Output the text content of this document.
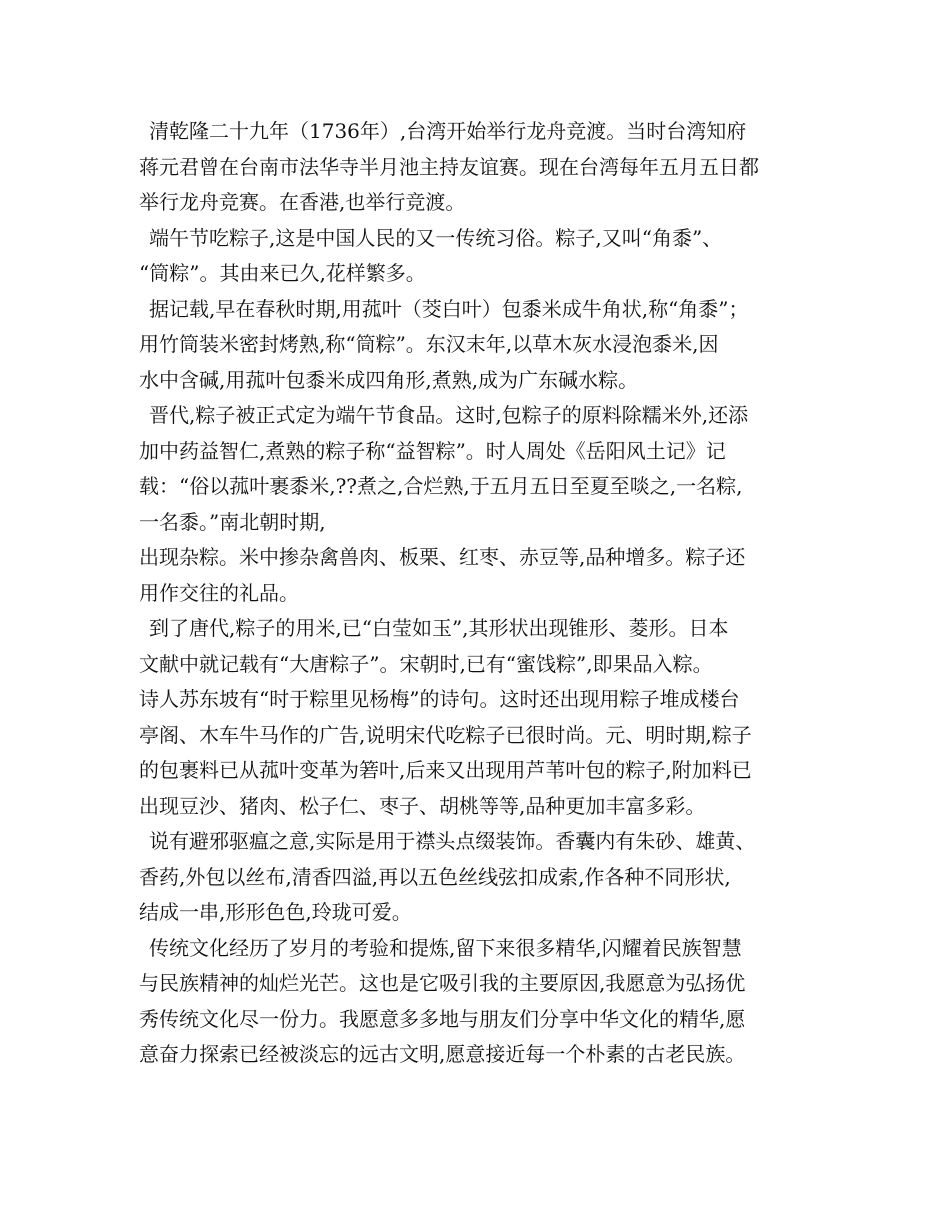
清乾隆二十九年（1736年）,台湾开始举行龙舟竞渡。当时台湾知府
蒋元君曾在台南市法华寺半月池主持友谊赛。现在台湾每年五月五日都
举行龙舟竞赛。在香港,也举行竞渡。
端午节吃粽子,这是中国人民的又一传统习俗。粽子,又叫“角黍”、
“筒粽”。其由来已久,花样繁多。
据记载,早在春秋时期,用菰叶（茭白叶）包黍米成牛角状,称“角黍”；
用竹筒装米密封烤熟,称“筒粽”。东汉末年,以草木灰水浸泡黍米,因
水中含碱,用菰叶包黍米成四角形,煮熟,成为广东碱水粽。
晋代,粽子被正式定为端午节食品。这时,包粽子的原料除糯米外,还添
加中药益智仁,煮熟的粽子称“益智粽”。时人周处《岳阳风土记》记
载：“俗以菰叶裹黍米,??煮之,合烂熟,于五月五日至夏至啖之,一名粽,
一名黍。”南北朝时期,
出现杂粽。米中掺杂禽兽肉、板栗、红枣、赤豆等,品种增多。粽子还
用作交往的礼品。
到了唐代,粽子的用米,已“白莹如玉”,其形状出现锥形、菱形。日本
文献中就记载有“大唐粽子”。宋朝时,已有“蜜饯粽”,即果品入粽。
诗人苏东坡有“时于粽里见杨梅”的诗句。这时还出现用粽子堆成楼台
亭阁、木车牛马作的广告,说明宋代吃粽子已很时尚。元、明时期,粽子
的包裹料已从菰叶变革为箬叶,后来又出现用芦苇叶包的粽子,附加料已
出现豆沙、猪肉、松子仁、枣子、胡桃等等,品种更加丰富多彩。
说有避邪驱瘟之意,实际是用于襟头点缀装饰。香囊内有朱砂、雄黄、
香药,外包以丝布,清香四溢,再以五色丝线弦扣成索,作各种不同形状,
结成一串,形形色色,玲珑可爱。
传统文化经历了岁月的考验和提炼,留下来很多精华,闪耀着民族智慧
与民族精神的灿烂光芒。这也是它吸引我的主要原因,我愿意为弘扬优
秀传统文化尽一份力。我愿意多多地与朋友们分享中华文化的精华,愿
意奋力探索已经被淡忘的远古文明,愿意接近每一个朴素的古老民族。
